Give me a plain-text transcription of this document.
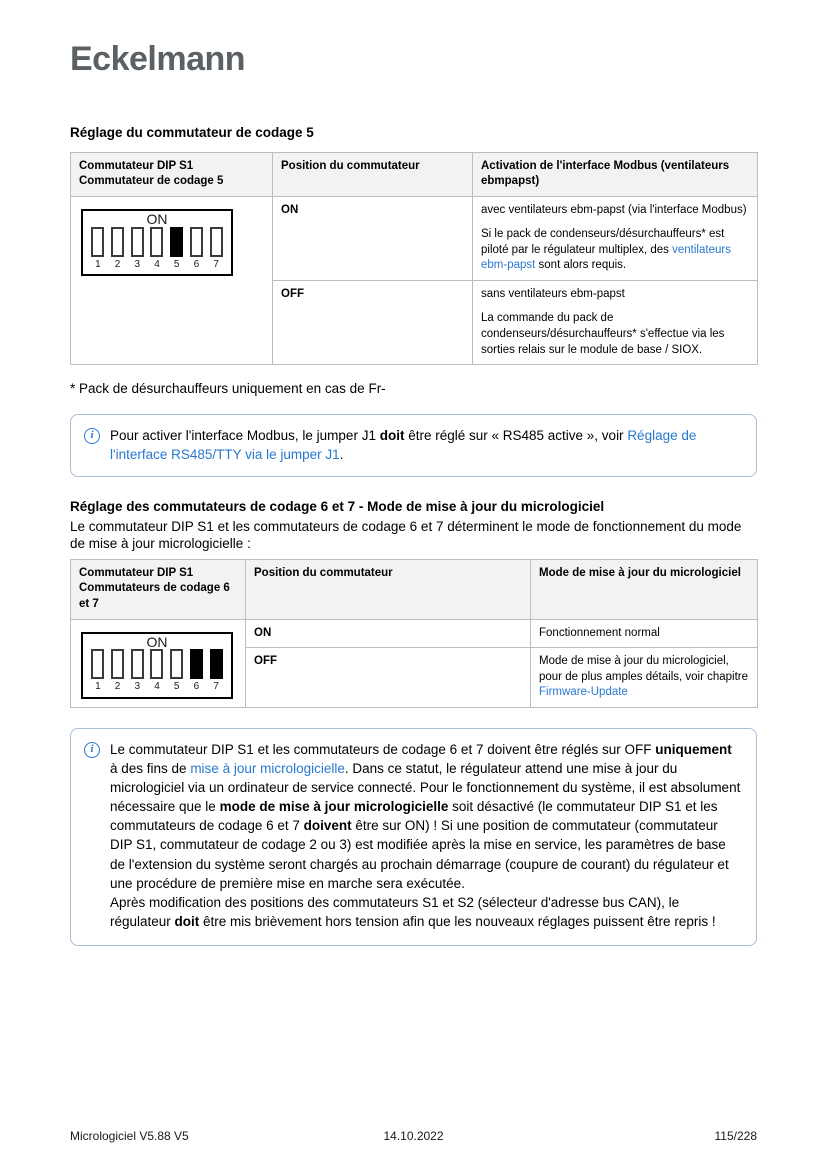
Eckelmann
Réglage du commutateur de codage 5
Commutateur DIP S1
Commutateur de codage 5	Position du commutateur	Activation de l'interface Modbus (ventilateurs ebmpapst)

ON
1 2 3 4 5 6 7
	ON	avec ventilateurs ebm-papst (via l'interface Modbus)
Si le pack de condenseurs/désurchauffeurs* est piloté par le régulateur multiplex, des ventilateurs ebm-papst sont alors requis.

	OFF	sans ventilateurs ebm-papst
La commande du pack de condenseurs/désurchauffeurs* s'effectue via les sorties relais sur le module de base / SIOX.
* Pack de désurchauffeurs uniquement en cas de Fr-
i	Pour activer l'interface Modbus, le jumper J1 doit être réglé sur « RS485 active », voir Réglage de l'interface RS485/TTY via le jumper J1.
Réglage des commutateurs de codage 6 et 7 - Mode de mise à jour du micrologiciel
Le commutateur DIP S1 et les commutateurs de codage 6 et 7 déterminent le mode de fonctionnement du mode de mise à jour micrologicielle :
Commutateur DIP S1
Commutateurs de codage 6 et 7	Position du commutateur	Mode de mise à jour du micrologiciel

ON
1 2 3 4 5 6 7
	ON	Fonctionnement normal
	OFF	Mode de mise à jour du micrologiciel, pour de plus amples détails, voir chapitre Firmware-Update
i	Le commutateur DIP S1 et les commutateurs de codage 6 et 7 doivent être réglés sur OFF uniquement à des fins de mise à jour micrologicielle. Dans ce statut, le régulateur attend une mise à jour du micrologiciel via un ordinateur de service connecté. Pour le fonctionnement du système, il est absolument nécessaire que le mode de mise à jour micrologicielle soit désactivé (le commutateur DIP S1 et les commutateurs de codage 6 et 7 doivent être sur ON) ! Si une position de commutateur (commutateur DIP S1, commutateur de codage 2 ou 3) est modifiée après la mise en service, les paramètres de base de l'extension du système seront chargés au prochain démarrage (coupure de courant) du régulateur et une procédure de première mise en marche sera exécutée.
Après modification des positions des commutateurs S1 et S2 (sélecteur d'adresse bus CAN), le régulateur doit être mis brièvement hors tension afin que les nouveaux réglages puissent être repris !
Micrologiciel V5.88 V5	14.10.2022	115/228
